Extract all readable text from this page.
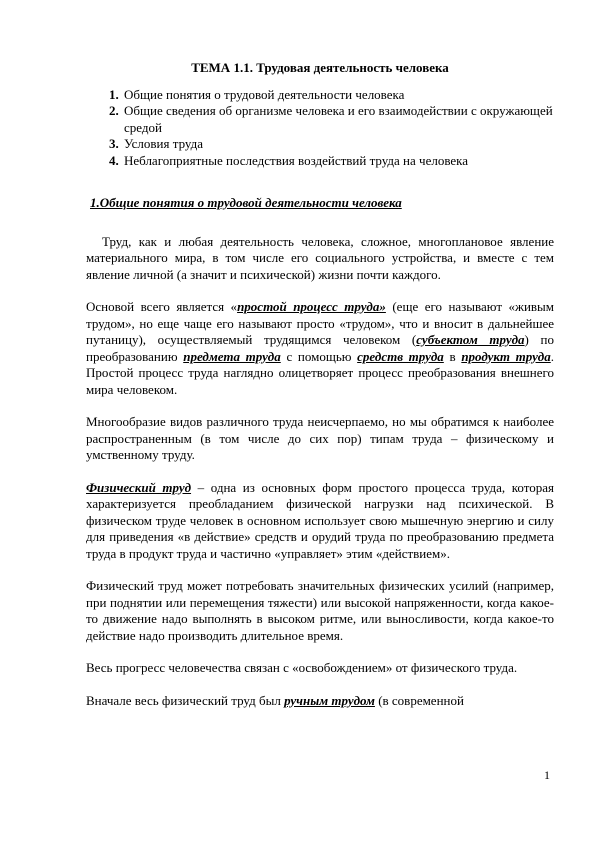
ТЕМА 1.1. Трудовая деятельность человека
1. Общие понятия о трудовой деятельности человека
2. Общие сведения об организме человека и его взаимодействии с окружающей средой
3. Условия труда
4. Неблагоприятные последствия воздействий труда на человека
1.Общие понятия о трудовой деятельности человека

Труд, как и любая деятельность человека, сложное, многоплановое явление материального мира, в том числе его социального устройства, и вместе с тем явление личной (а значит и психической) жизни почти каждого.

Основой всего является «простой процесс труда» (еще его называют «живым трудом», но еще чаще его называют просто «трудом», что и вносит в дальнейшее путаницу), осуществляемый трудящимся человеком (субъектом труда) по преобразованию предмета труда с помощью средств труда в продукт труда. Простой процесс труда наглядно олицетворяет процесс преобразования внешнего мира человеком.

Многообразие видов различного труда неисчерпаемо, но мы обратимся к наиболее распространенным (в том числе до сих пор) типам труда – физическому и умственному труду.

Физический труд – одна из основных форм простого процесса труда, которая характеризуется преобладанием физической нагрузки над психической. В физическом труде человек в основном использует свою мышечную энергию и силу для приведения «в действие» средств и орудий труда по преобразованию предмета труда в продукт труда и частично «управляет» этим «действием».

Физический труд может потребовать значительных физических усилий (например, при поднятии или перемещения тяжести) или высокой напряженности, когда какое-то движение надо выполнять в высоком ритме, или выносливости, когда какое-то действие надо производить длительное время.

Весь прогресс человечества связан с «освобождением» от физического труда.

Вначале весь физический труд был ручным трудом (в современной

1
